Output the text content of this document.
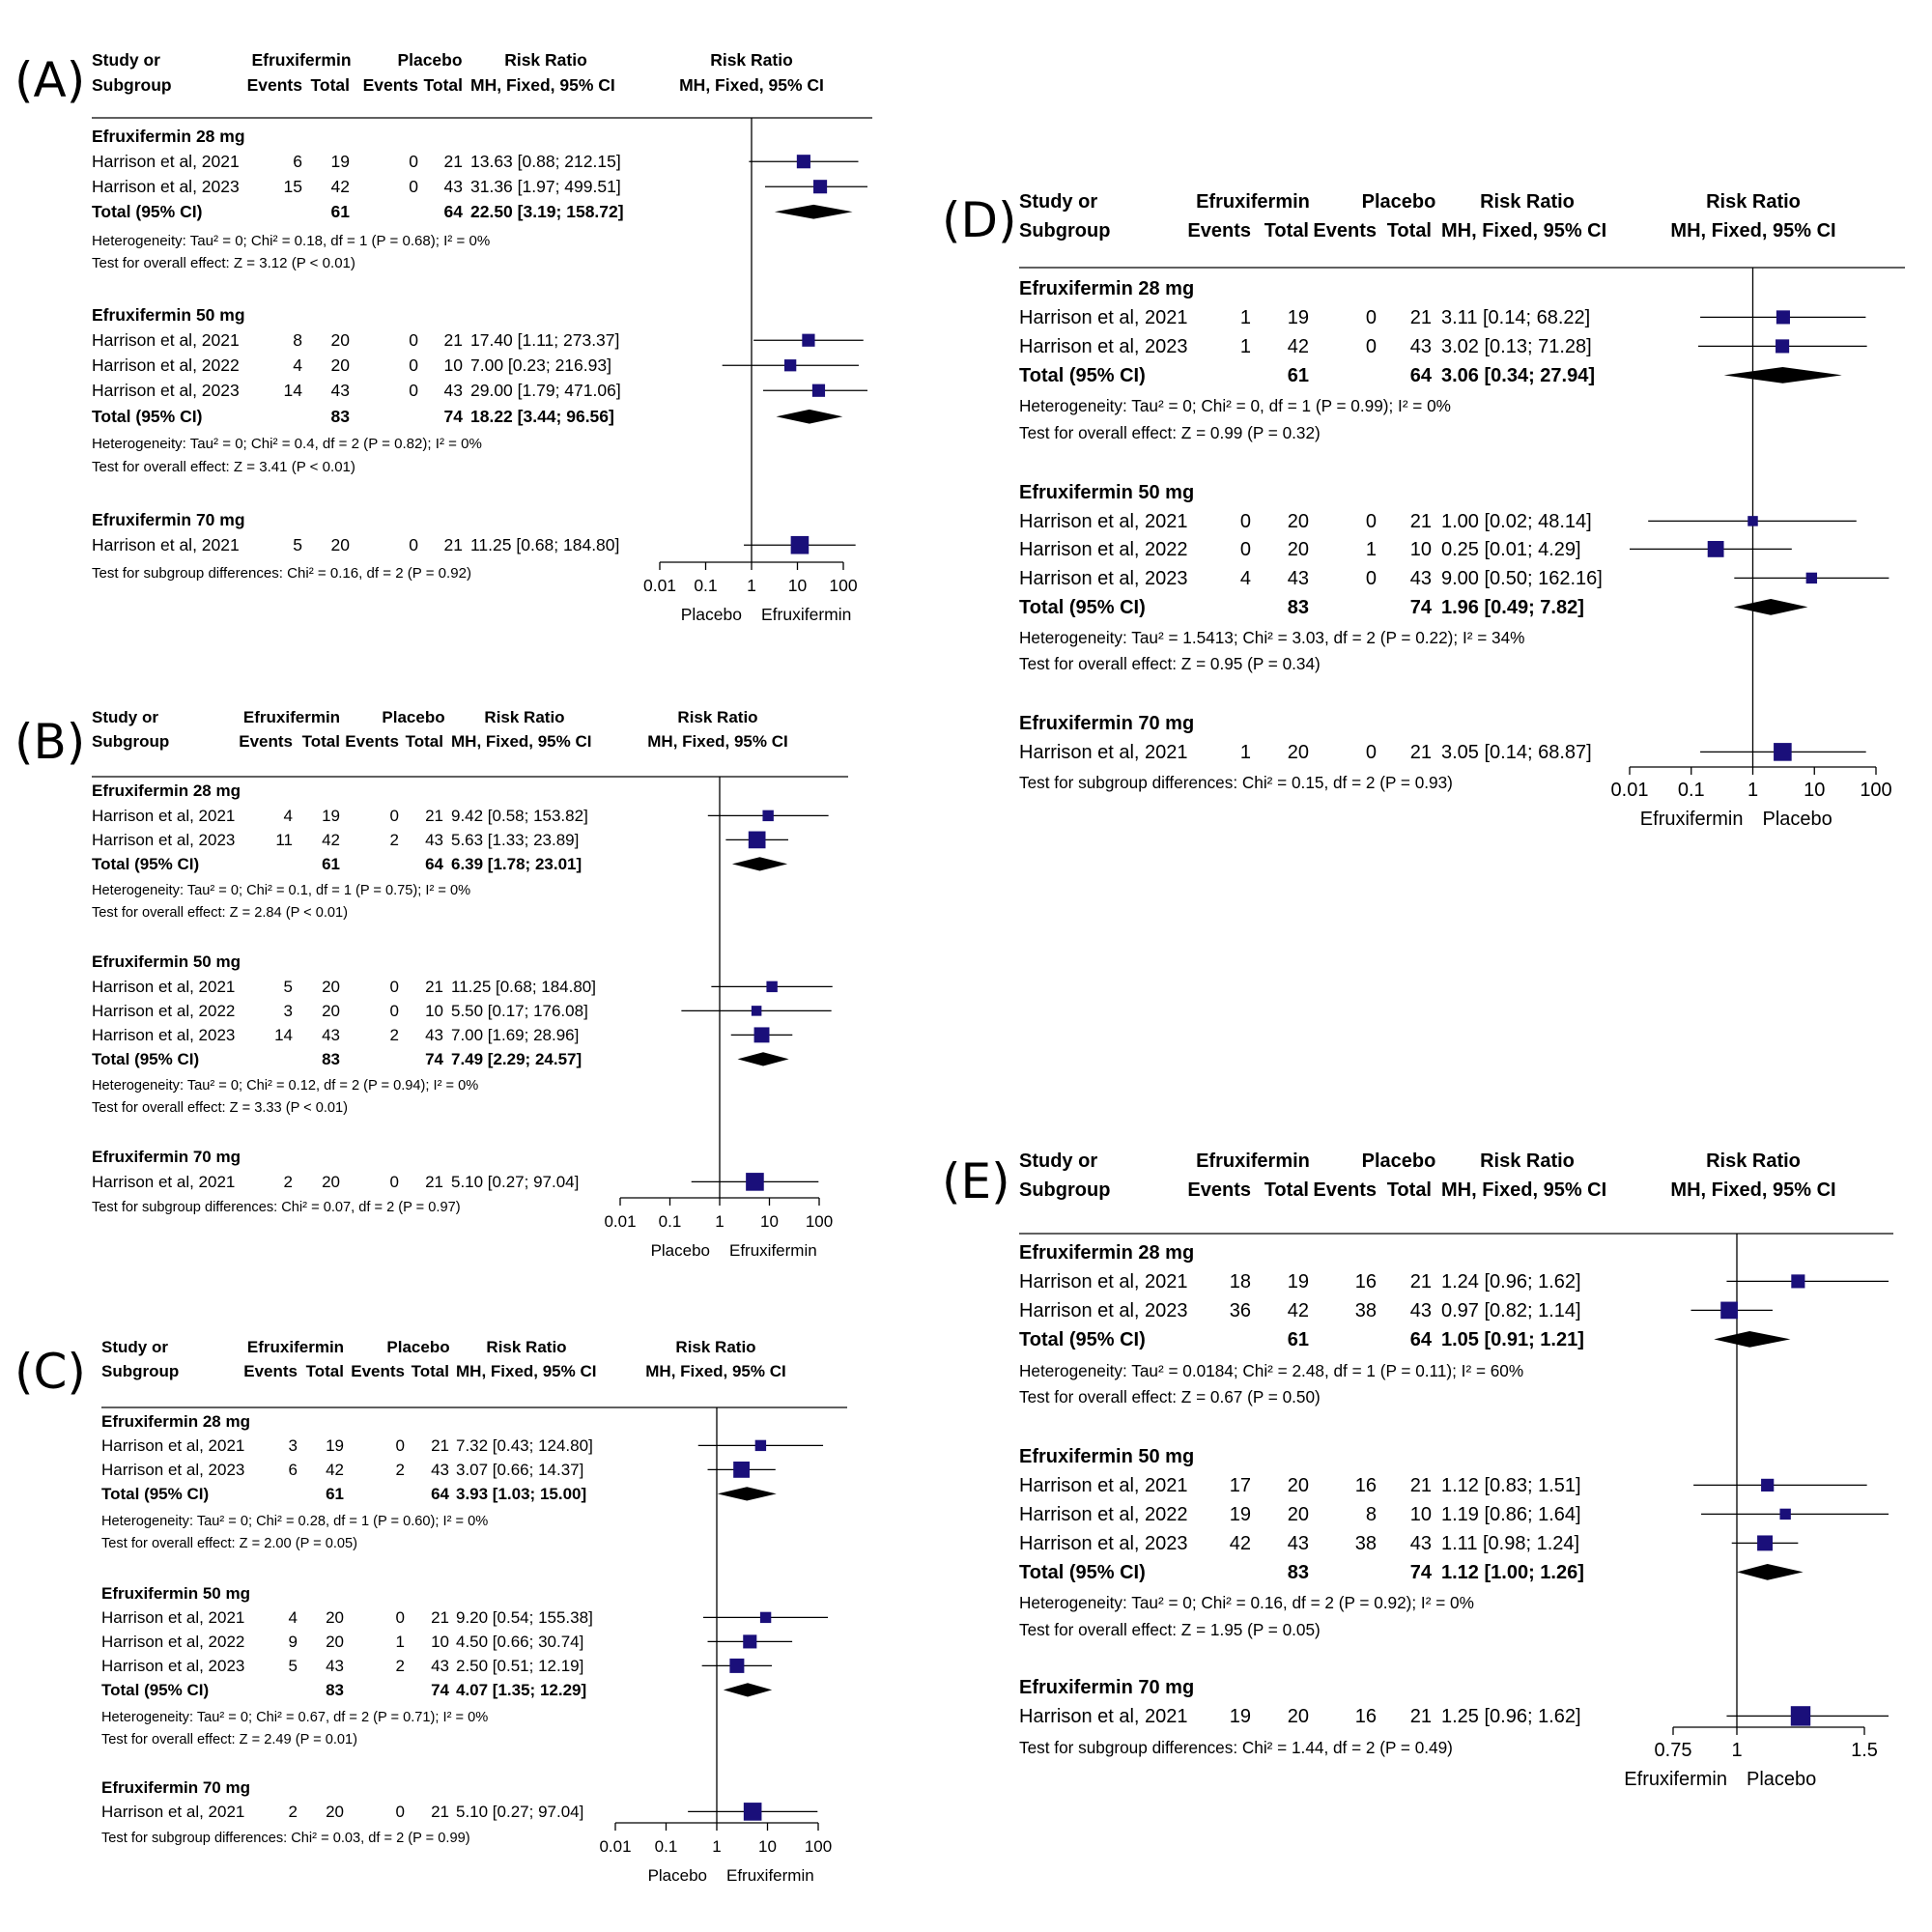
(A) Study or
Subgroup
Efruxifermin	Placebo Risk Ratio	Risk Ratio
Events Total Events Total MH, Fixed, 95% CI	MH, Fixed, 95% CI
Efruxifermin 28 mg
Harrison et al, 2021	6 19	0 21 13.63 [0.88; 212.15]
Harrison et al, 2023	15 42	0 43 31.36 [1.97; 499.51]
Total (95% CI)	61	64 22.50 [3.19; 158.72]
Heterogeneity: Tau² = 0; Chi² = 0.18, df = 1 (P = 0.68); I² = 0%
Test for overall effect: Z = 3.12 (P < 0.01)
Efruxifermin 50 mg
Harrison et al, 2021	8 20	0 21 17.40 [1.11; 273.37]
Harrison et al, 2022	4 20	0 10 7.00 [0.23; 216.93]
Harrison et al, 2023	14 43	0 43 29.00 [1.79; 471.06]
Total (95% CI)	83	74 18.22 [3.44; 96.56]
Heterogeneity: Tau² = 0; Chi² = 0.4, df = 2 (P = 0.82); I² = 0%
Test for overall effect: Z = 3.41 (P < 0.01)
Efruxifermin 70 mg
Harrison et al, 2021	5 20	0 21 11.25 [0.68; 184.80]
Test for subgroup differences: Chi² = 0.16, df = 2 (P = 0.92)
0.01 0.1 1 10 100
Placebo Efruxifermin
(B) Study or
Subgroup
Efruxifermin	Placebo Risk Ratio	Risk Ratio
Events Total Events Total MH, Fixed, 95% CI	MH, Fixed, 95% CI
Efruxifermin 28 mg
Harrison et al, 2021	4 19	0 21 9.42 [0.58; 153.82]
Harrison et al, 2023 11 42	2 43 5.63 [1.33; 23.89]
Total (95% CI)	61	64 6.39 [1.78; 23.01]
Heterogeneity: Tau² = 0; Chi² = 0.1, df = 1 (P = 0.75); I² = 0%
Test for overall effect: Z = 2.84 (P < 0.01)
Efruxifermin 50 mg
Harrison et al, 2021	5 20	0 21 11.25 [0.68; 184.80]
Harrison et al, 2022	3 20	0 10 5.50 [0.17; 176.08]
Harrison et al, 2023 14 43	2 43 7.00 [1.69; 28.96]
Total (95% CI)	83	74 7.49 [2.29; 24.57]
Heterogeneity: Tau² = 0; Chi² = 0.12, df = 2 (P = 0.94); I² = 0%
Test for overall effect: Z = 3.33 (P < 0.01)
Efruxifermin 70 mg
Harrison et al, 2021	2 20	0 21 5.10 [0.27; 97.04]
Test for subgroup differences: Chi² = 0.07, df = 2 (P = 0.97)
0.01 0.1 1 10 100
Placebo Efruxifermin
(C) Study or
Subgroup
Efruxifermin	Placebo Risk Ratio	Risk Ratio
Events Total Events Total MH, Fixed, 95% CI	MH, Fixed, 95% CI
Efruxifermin 28 mg
Harrison et al, 2021	3 19	0 21 7.32 [0.43; 124.80]
Harrison et al, 2023	6 42	2 43 3.07 [0.66; 14.37]
Total (95% CI)	61	64 3.93 [1.03; 15.00]
Heterogeneity: Tau² = 0; Chi² = 0.28, df = 1 (P = 0.60); I² = 0%
Test for overall effect: Z = 2.00 (P = 0.05)
Efruxifermin 50 mg
Harrison et al, 2021	4 20	0 21 9.20 [0.54; 155.38]
Harrison et al, 2022	9 20	1 10 4.50 [0.66; 30.74]
Harrison et al, 2023	5 43	2 43 2.50 [0.51; 12.19]
Total (95% CI)	83	74 4.07 [1.35; 12.29]
Heterogeneity: Tau² = 0; Chi² = 0.67, df = 2 (P = 0.71); I² = 0%
Test for overall effect: Z = 2.49 (P = 0.01)
Efruxifermin 70 mg
Harrison et al, 2021	2 20	0 21 5.10 [0.27; 97.04]
Test for subgroup differences: Chi² = 0.03, df = 2 (P = 0.99)	0.01 0.1 1 10 100
Placebo Efruxifermin
(D) Study or
Subgroup
Efruxifermin	Placebo Risk Ratio	Risk Ratio
Events Total Events Total MH, Fixed, 95% CI	MH, Fixed, 95% CI
Efruxifermin 28 mg
Harrison et al, 2021	1 19	0 21 3.11 [0.14; 68.22]
Harrison et al, 2023	1 42	0 43 3.02 [0.13; 71.28]
Total (95% CI)	61	64 3.06 [0.34; 27.94]
Heterogeneity: Tau² = 0; Chi² = 0, df = 1 (P = 0.99); I² = 0%
Test for overall effect: Z = 0.99 (P = 0.32)
Efruxifermin 50 mg
Harrison et al, 2021	0 20	0 21 1.00 [0.02; 48.14]
Harrison et al, 2022	0 20	1 10 0.25 [0.01; 4.29]
Harrison et al, 2023	4 43	0 43 9.00 [0.50; 162.16]
Total (95% CI)	83	74 1.96 [0.49; 7.82]
Heterogeneity: Tau² = 1.5413; Chi² = 3.03, df = 2 (P = 0.22); I² = 34%
Test for overall effect: Z = 0.95 (P = 0.34)
Efruxifermin 70 mg
Harrison et al, 2021	1 20	0 21 3.05 [0.14; 68.87]
Test for subgroup differences: Chi² = 0.15, df = 2 (P = 0.93)	0.01 0.1 1 10 100
Efruxifermin Placebo
(E) Study or
Subgroup
Efruxifermin	Placebo Risk Ratio	Risk Ratio
Events Total Events Total MH, Fixed, 95% CI	MH, Fixed, 95% CI
Efruxifermin 28 mg
Harrison et al, 2021 18 19 16 21 1.24 [0.96; 1.62]
Harrison et al, 2023 36 42 38 43 0.97 [0.82; 1.14]
Total (95% CI)	61	64 1.05 [0.91; 1.21]
Heterogeneity: Tau² = 0.0184; Chi² = 2.48, df = 1 (P = 0.11); I² = 60%
Test for overall effect: Z = 0.67 (P = 0.50)
Efruxifermin 50 mg
Harrison et al, 2021 17 20 16 21 1.12 [0.83; 1.51]
Harrison et al, 2022 19 20	8 10 1.19 [0.86; 1.64]
Harrison et al, 2023 42 43 38 43 1.11 [0.98; 1.24]
Total (95% CI)	83	74 1.12 [1.00; 1.26]
Heterogeneity: Tau² = 0; Chi² = 0.16, df = 2 (P = 0.92); I² = 0%
Test for overall effect: Z = 1.95 (P = 0.05)
Efruxifermin 70 mg
Harrison et al, 2021 19 20 16 21 1.25 [0.96; 1.62]
Test for subgroup differences: Chi² = 1.44, df = 2 (P = 0.49)	0.75 1	1.5
Efruxifermin Placebo
